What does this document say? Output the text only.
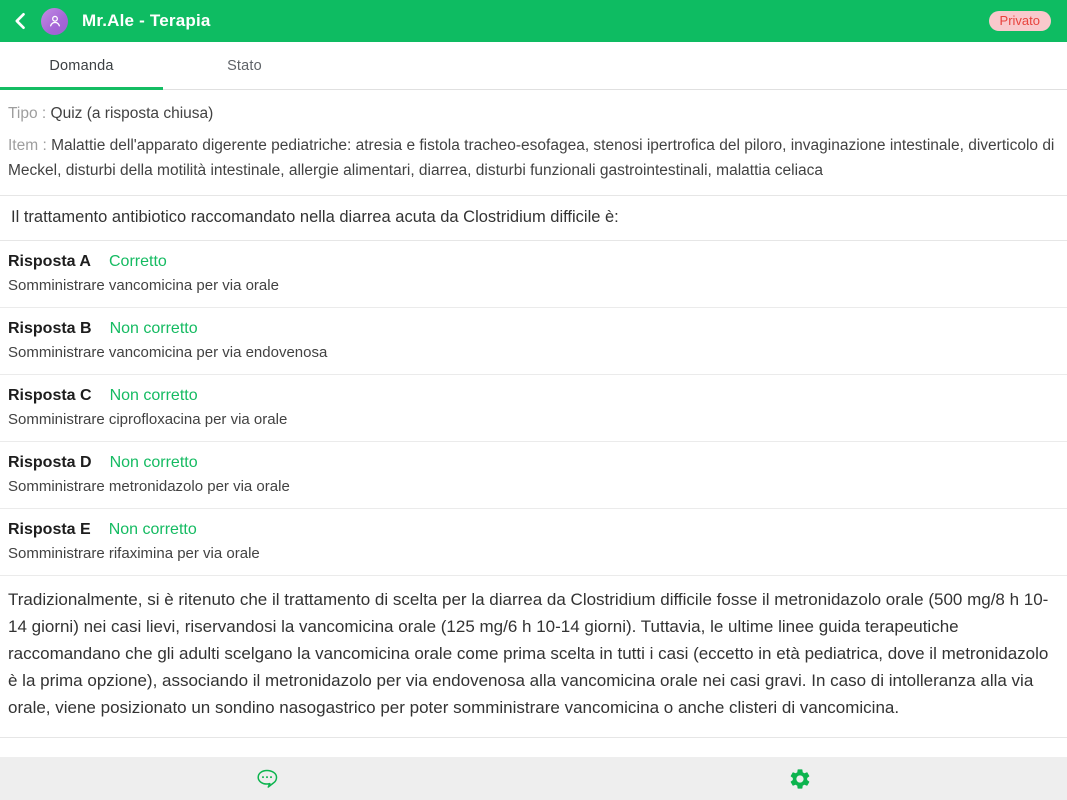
Mr.Ale - Terapia	Privato
Domanda	Stato
Tipo : Quiz (a risposta chiusa)
Item : Malattie dell'apparato digerente pediatriche: atresia e fistola tracheo-esofagea, stenosi ipertrofica del piloro, invaginazione intestinale, diverticolo di Meckel, disturbi della motilità intestinale, allergie alimentari, diarrea, disturbi funzionali gastrointestinali, malattia celiaca
Il trattamento antibiotico raccomandato nella diarrea acuta da Clostridium difficile è:
Risposta A Corretto
Somministrare vancomicina per via orale
Risposta B Non corretto
Somministrare vancomicina per via endovenosa
Risposta C Non corretto
Somministrare ciprofloxacina per via orale
Risposta D Non corretto
Somministrare metronidazolo per via orale
Risposta E Non corretto
Somministrare rifaximina per via orale
Tradizionalmente, si è ritenuto che il trattamento di scelta per la diarrea da Clostridium difficile fosse il metronidazolo orale (500 mg/8 h 10-14 giorni) nei casi lievi, riservandosi la vancomicina orale (125 mg/6 h 10-14 giorni). Tuttavia, le ultime linee guida terapeutiche raccomandano che gli adulti scelgano la vancomicina orale come prima scelta in tutti i casi (eccetto in età pediatrica, dove il metronidazolo è la prima opzione), associando il metronidazolo per via endovenosa alla vancomicina orale nei casi gravi. In caso di intolleranza alla via orale, viene posizionato un sondino nasogastrico per poter somministrare vancomicina o anche clisteri di vancomicina.
